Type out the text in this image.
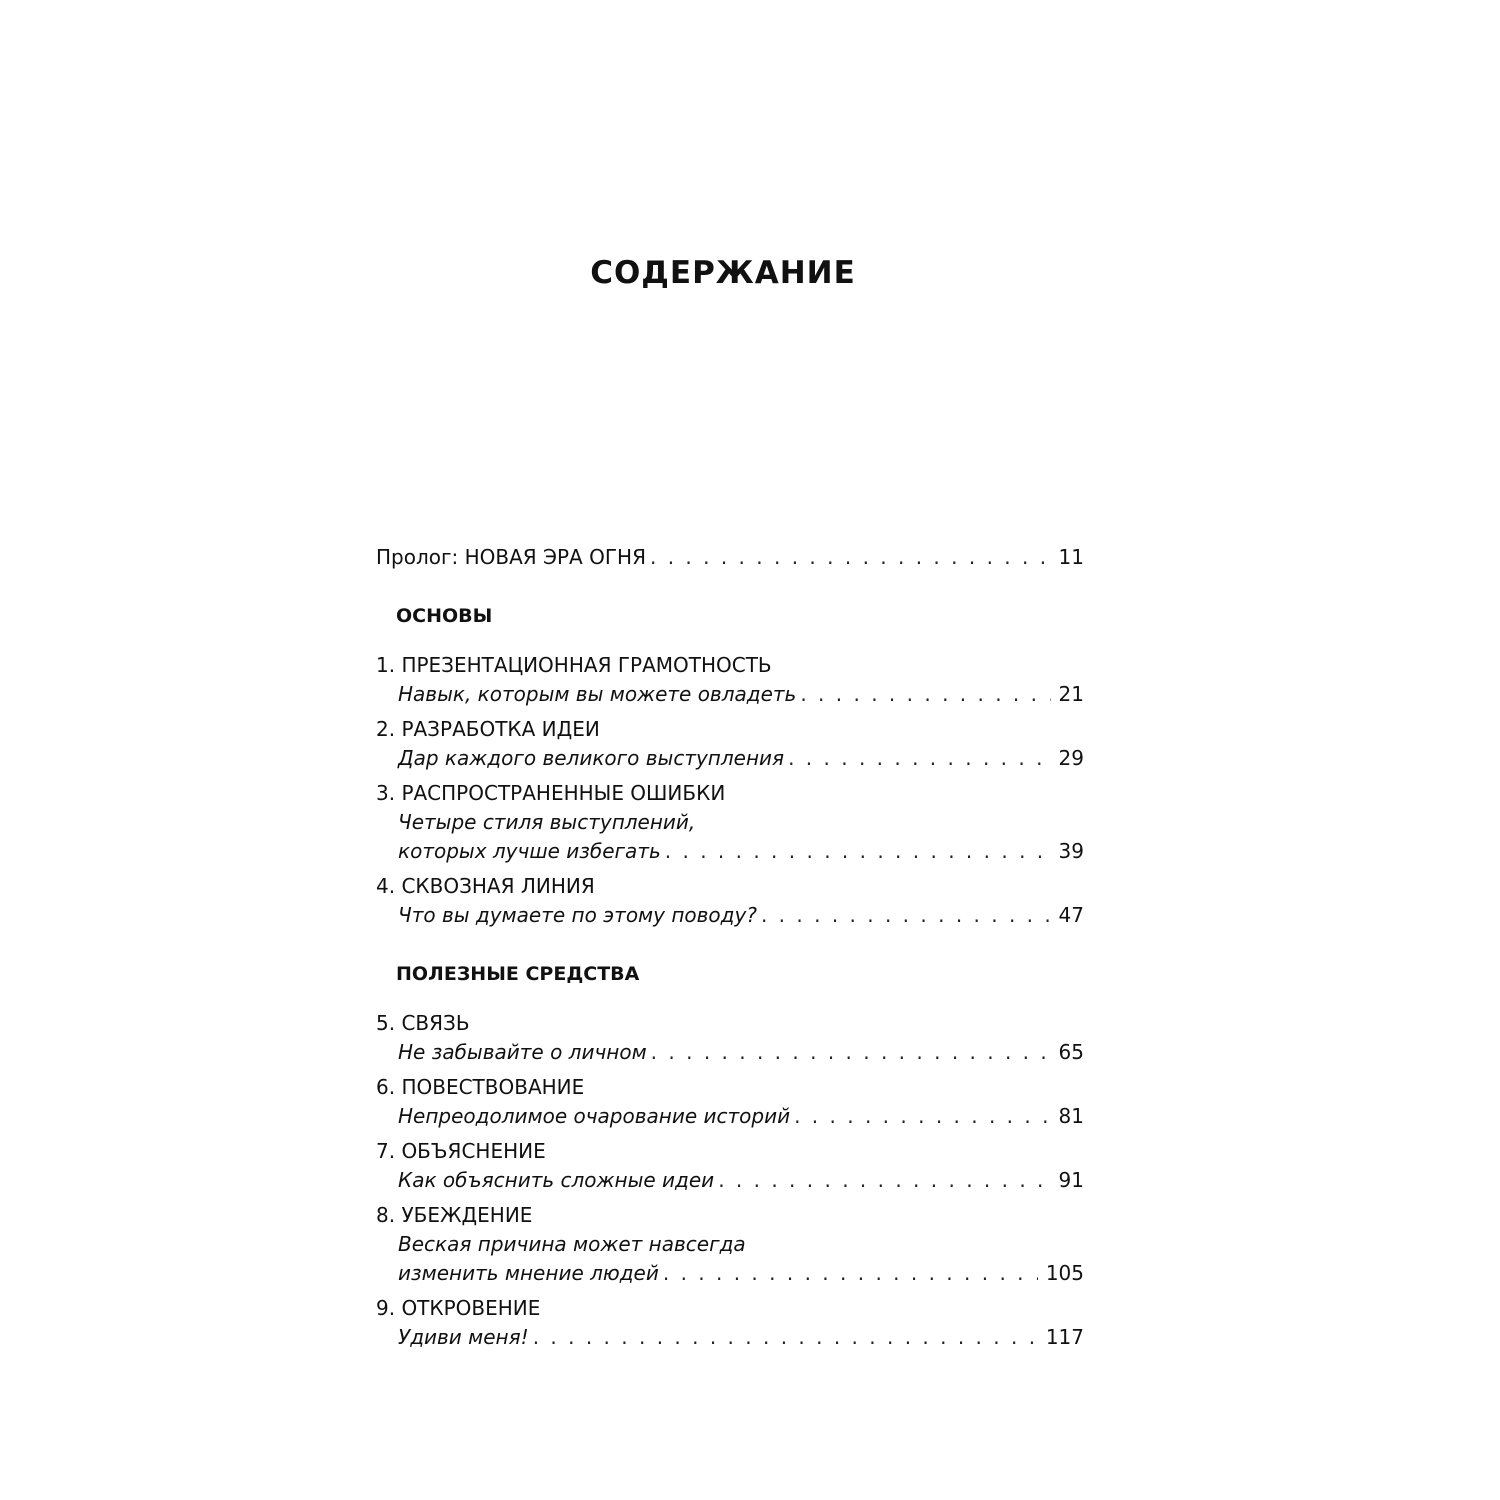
СОДЕРЖАНИЕ
Пролог: НОВАЯ ЭРА ОГНЯ . . .	11
ОСНОВЫ
1. ПРЕЗЕНТАЦИОННАЯ ГРАМОТНОСТЬ
Навык, которым вы можете овладеть . . .	21
2. РАЗРАБОТКА ИДЕИ
Дар каждого великого выступления . . .	29
3. РАСПРОСТРАНЕННЫЕ ОШИБКИ
Четыре стиля выступлений,
которых лучше избегать . . .	39
4. СКВОЗНАЯ ЛИНИЯ
Что вы думаете по этому поводу? . . .	47
ПОЛЕЗНЫЕ СРЕДСТВА
5. СВЯЗЬ
Не забывайте о личном . . .	65
6. ПОВЕСТВОВАНИЕ
Непреодолимое очарование историй . . .	81
7. ОБЪЯСНЕНИЕ
Как объяснить сложные идеи . . .	91
8. УБЕЖДЕНИЕ
Веская причина может навсегда
изменить мнение людей . . .	105
9. ОТКРОВЕНИЕ
Удиви меня! . . .	117
